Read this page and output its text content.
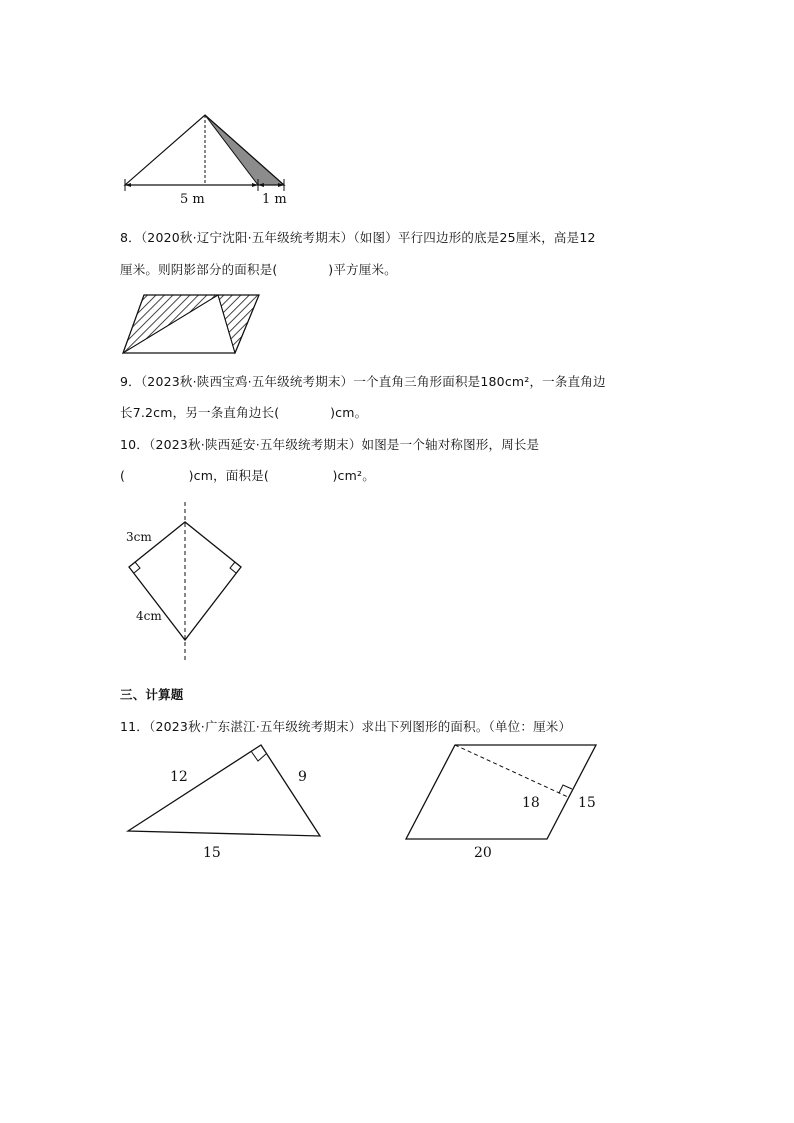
5 m	1 m
8．（2020秋·辽宁沈阳·五年级统考期末）（如图）平行四边形的底是25厘米，高是12
厘米。则阴影部分的面积是(　　　　)平方厘米。
9．（2023秋·陕西宝鸡·五年级统考期末）一个直角三角形面积是180cm²，一条直角边
长7.2cm，另一条直角边长(　　　　)cm。
10．（2023秋·陕西延安·五年级统考期末）如图是一个轴对称图形，周长是
(　　　　　)cm，面积是(　　　　　)cm²。
3cm
4cm
三、计算题
11．（2023秋·广东湛江·五年级统考期末）求出下列图形的面积。（单位：厘米）
12	9
15
18	15
20
